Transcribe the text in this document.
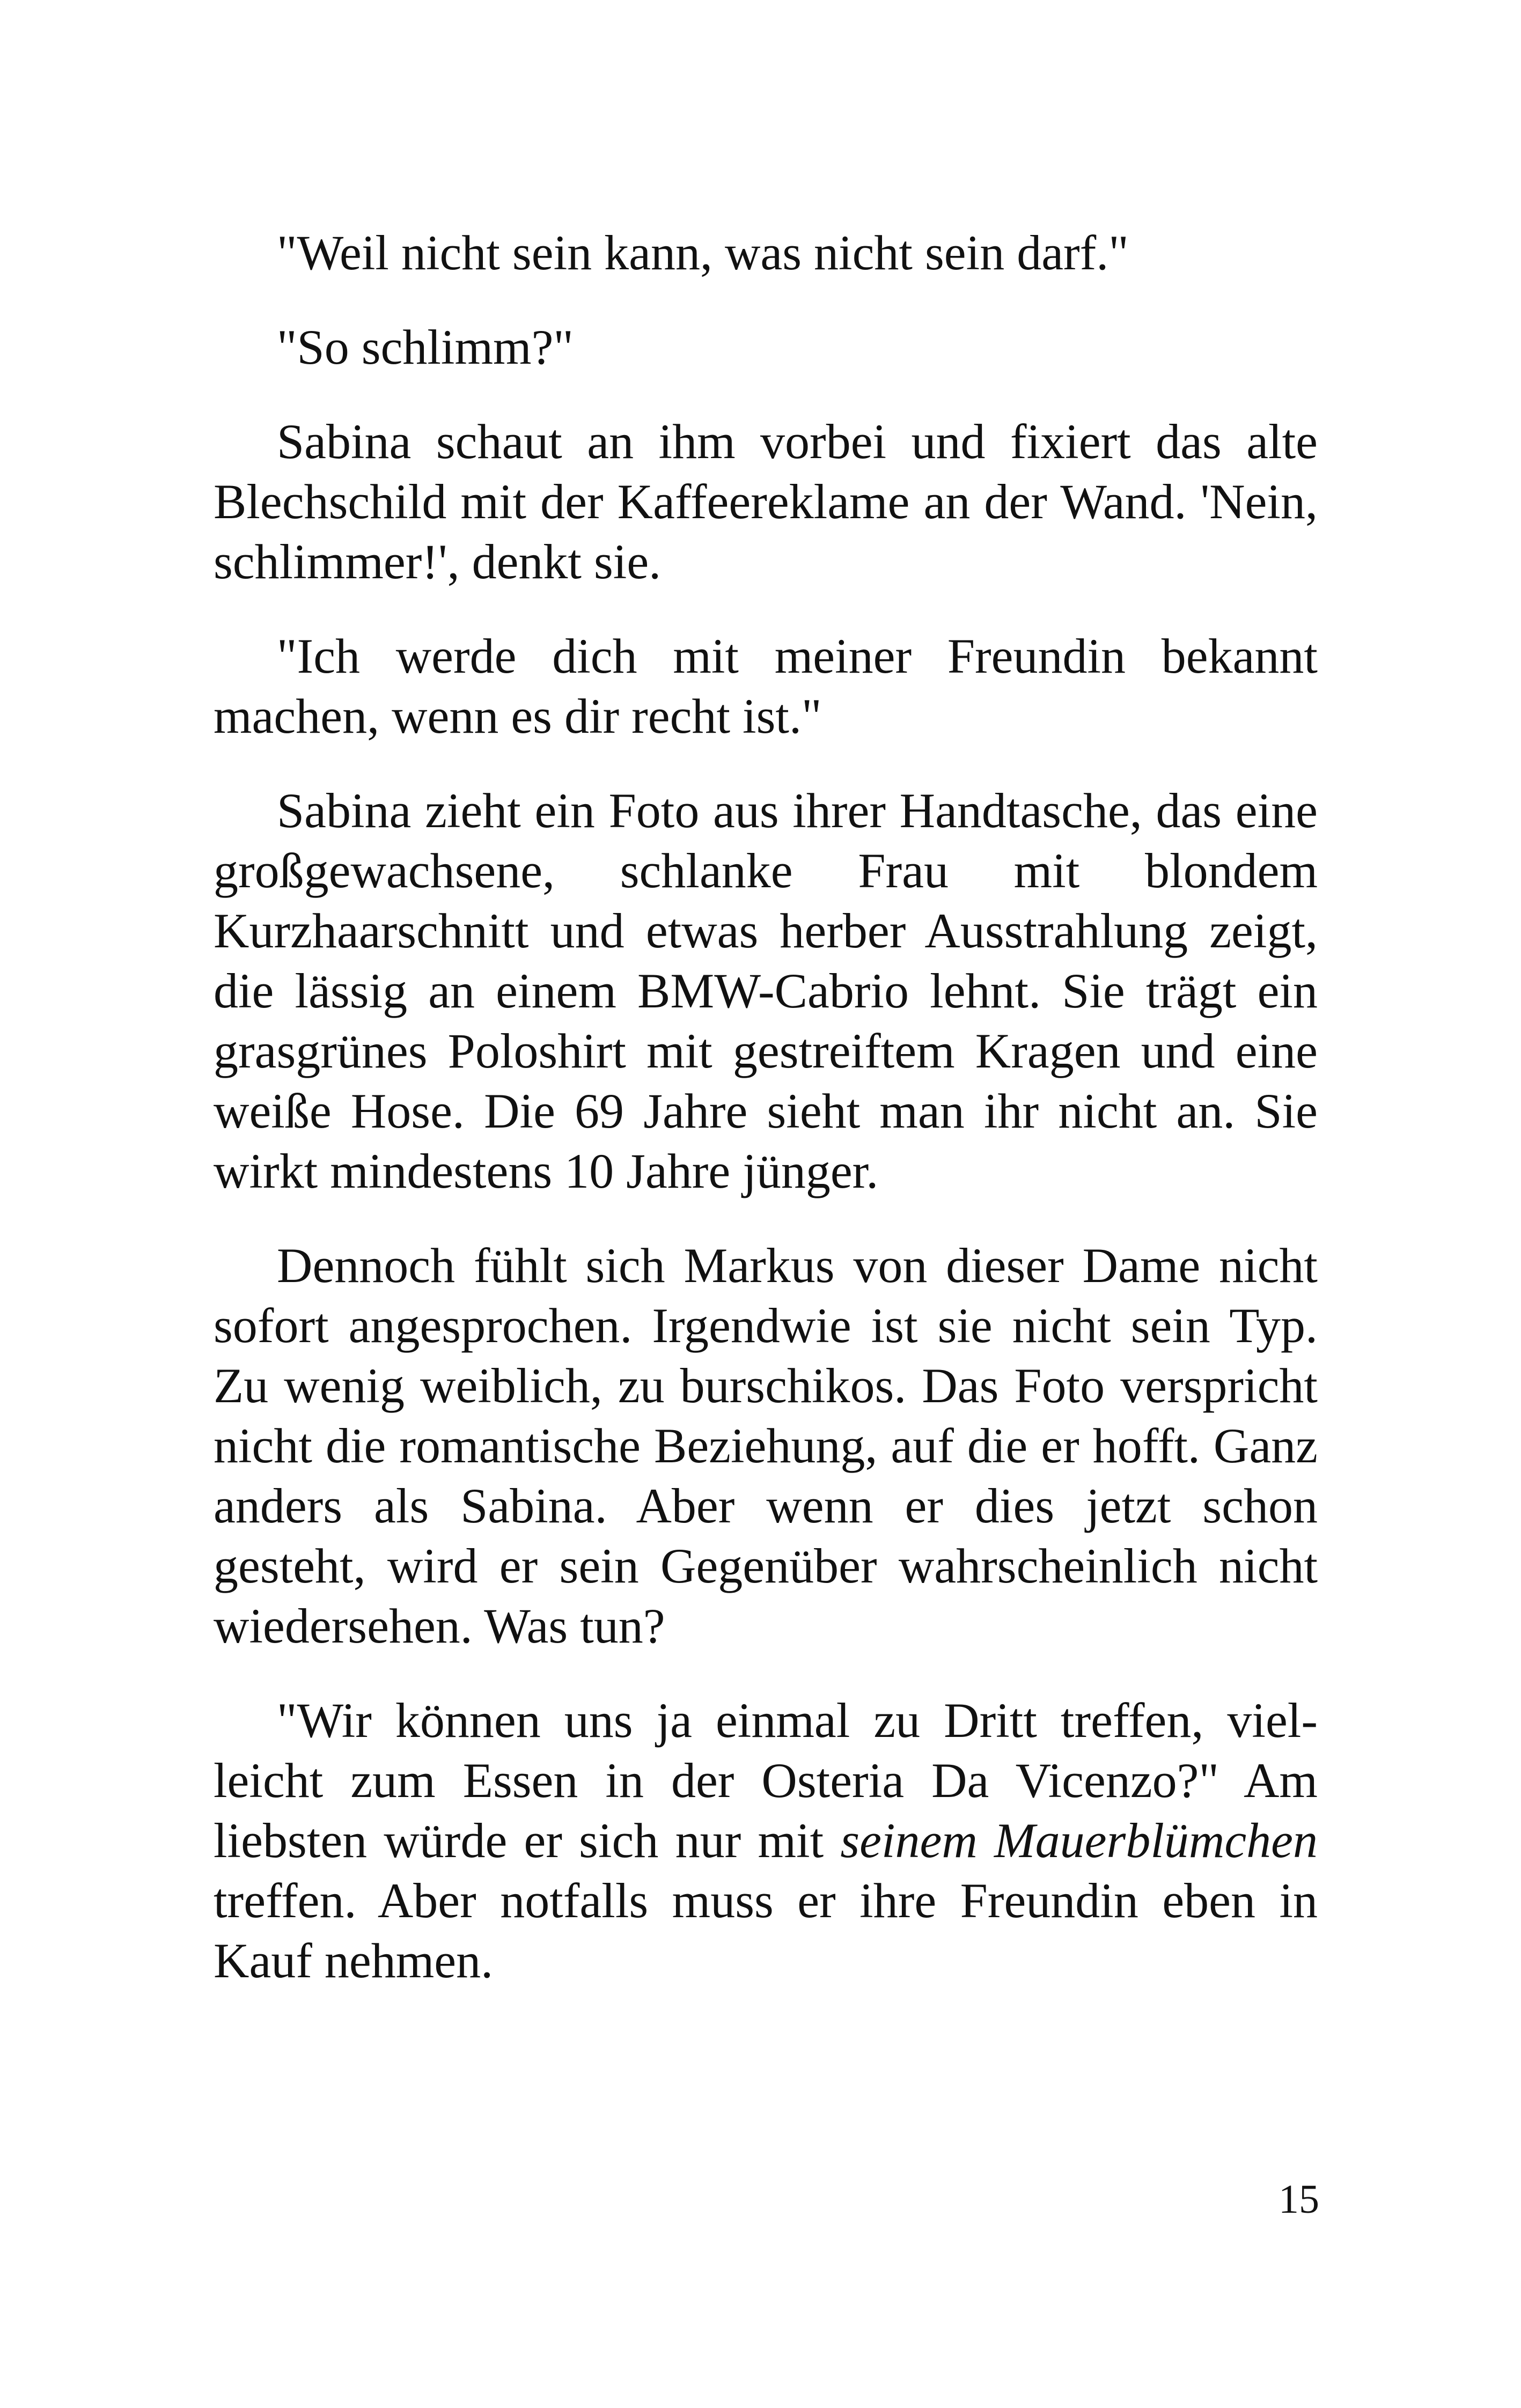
"Weil nicht sein kann, was nicht sein darf."

"So schlimm?"

Sabina schaut an ihm vorbei und fixiert das alte Blechschild mit der Kaffeereklame an der Wand. 'Nein, schlimmer!', denkt sie.

"Ich werde dich mit meiner Freundin bekannt machen, wenn es dir recht ist."

Sabina zieht ein Foto aus ihrer Handtasche, das eine großgewachsene, schlanke Frau mit blondem Kurzhaarschnitt und etwas herber Ausstrahlung zeigt, die lässig an einem BMW-Cabrio lehnt. Sie trägt ein grasgrünes Poloshirt mit gestreiftem Kragen und eine weiße Hose. Die 69 Jahre sieht man ihr nicht an. Sie wirkt mindestens 10 Jahre jünger.

Dennoch fühlt sich Markus von dieser Dame nicht sofort angesprochen. Irgendwie ist sie nicht sein Typ. Zu wenig weiblich, zu burschikos. Das Foto verspricht nicht die romantische Beziehung, auf die er hofft. Ganz anders als Sabina. Aber wenn er dies jetzt schon gesteht, wird er sein Gegenüber wahrscheinlich nicht wiedersehen. Was tun?

"Wir können uns ja einmal zu Dritt treffen, vielleicht zum Essen in der Osteria Da Vicenzo?" Am liebsten würde er sich nur mit seinem Mauerblümchen treffen. Aber notfalls muss er ihre Freundin eben in Kauf nehmen.

15
